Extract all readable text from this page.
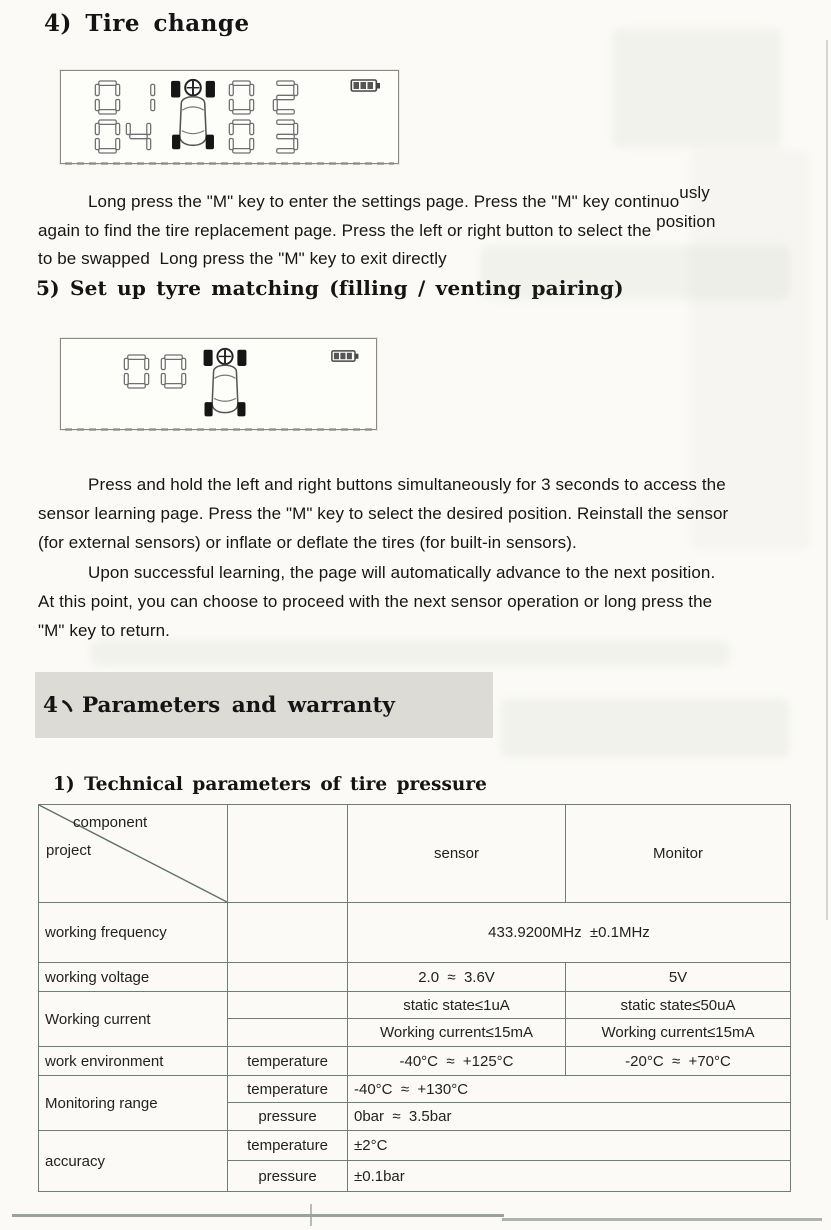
4) Tire change

Long press the "M" key to enter the settings page. Press the "M" key continuously
again to find the tire replacement page. Press the left or right button to select the position
to be swapped  Long press the "M" key to exit directly

5) Set up tyre matching (filling / venting pairing)

Press and hold the left and right buttons simultaneously for 3 seconds to access the
sensor learning page. Press the "M" key to select the desired position. Reinstall the sensor
(for external sensors) or inflate or deflate the tires (for built-in sensors).

Upon successful learning, the page will automatically advance to the next position.
At this point, you can choose to proceed with the next sensor operation or long press the
"M" key to return.

4 Parameters and warranty
1) Technical parameters of tire pressure
component
project		sensor	Monitor
working frequency		433.9200MHz  ±0.1MHz	
working voltage		2.0  ≈  3.6V	5V
Working current		static state≤1uA	static state≤50uA
		Working current≤15mA	Working current≤15mA
work environment	temperature	-40°C  ≈  +125°C	-20°C  ≈  +70°C
Monitoring range	temperature	-40°C  ≈  +130°C	
	pressure	0bar  ≈  3.5bar	
accuracy	temperature	±2°C	
	pressure	±0.1bar	
